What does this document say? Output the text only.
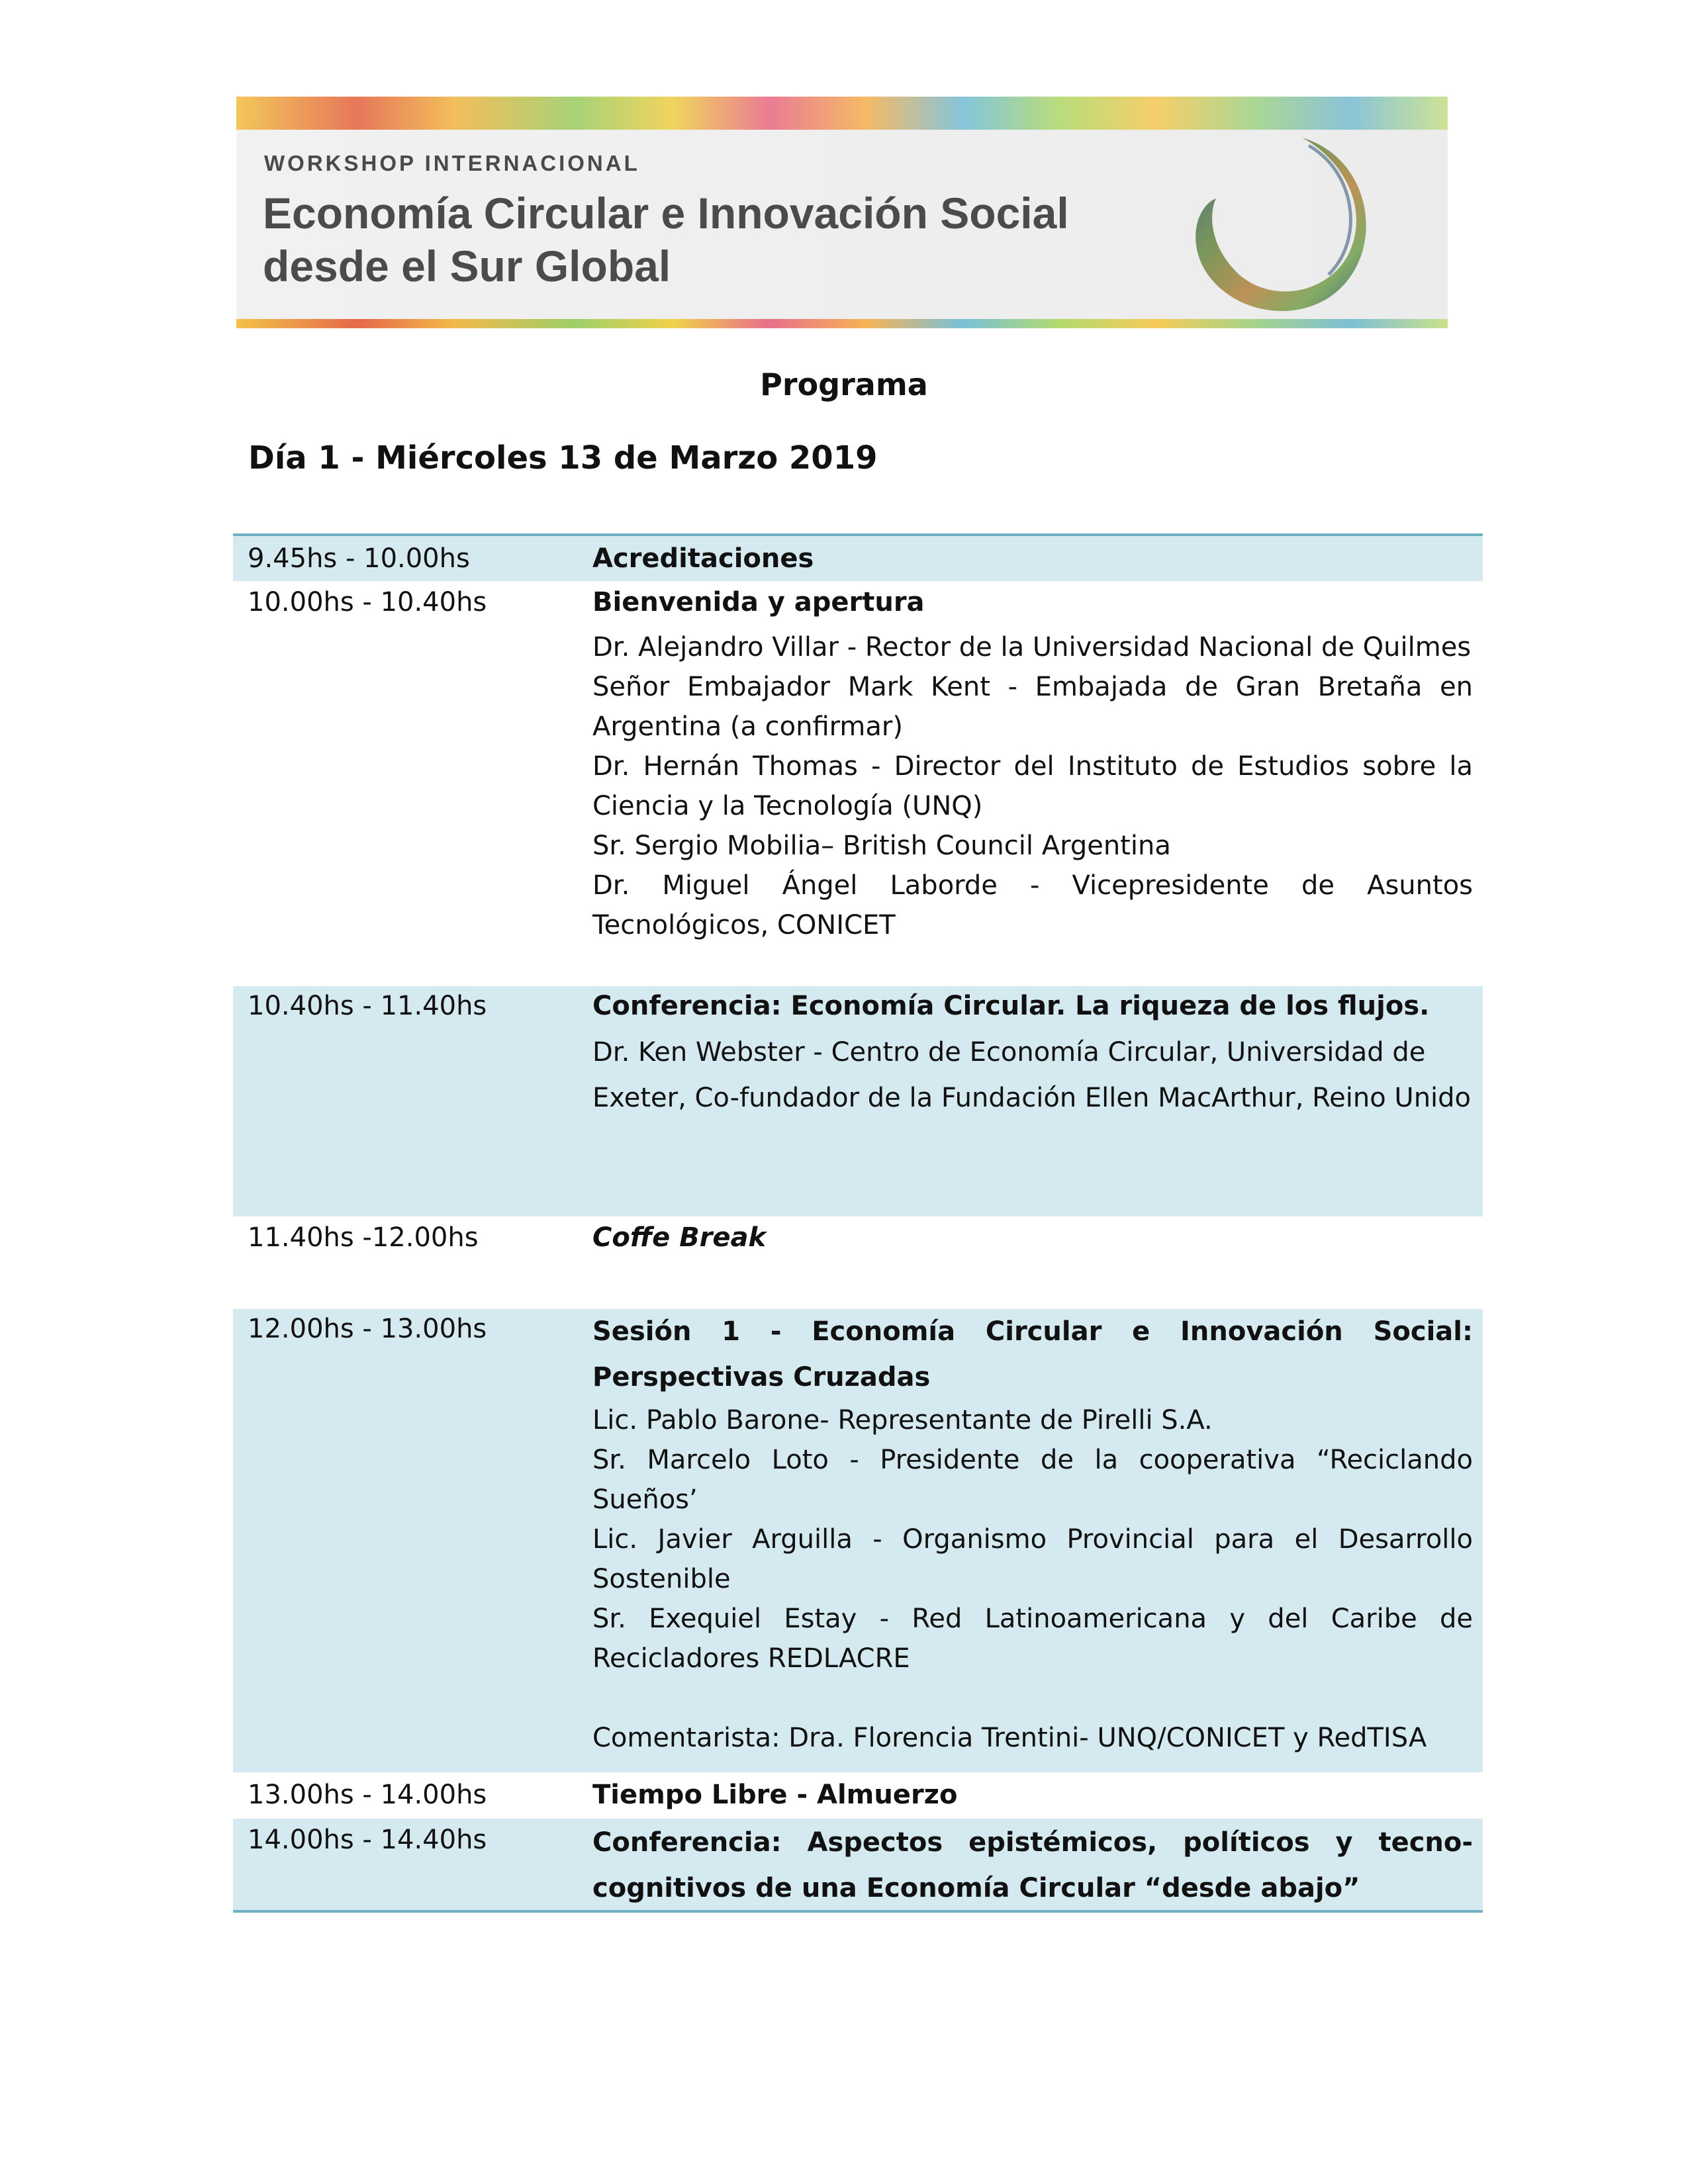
WORKSHOP INTERNACIONAL
Economía Circular e Innovación Social
desde el Sur Global
Programa
Día 1 - Miércoles 13 de Marzo 2019
9.45hs - 10.00hs	Acreditaciones
10.00hs - 10.40hs	Bienvenida y apertura
Dr. Alejandro Villar - Rector de la Universidad Nacional de Quilmes
Señor Embajador Mark Kent - Embajada de Gran Bretaña en Argentina (a confirmar)
Dr. Hernán Thomas - Director del Instituto de Estudios sobre la Ciencia y la Tecnología (UNQ)
Sr. Sergio Mobilia– British Council Argentina
Dr. Miguel Ángel Laborde - Vicepresidente de Asuntos Tecnológicos, CONICET
10.40hs - 11.40hs	Conferencia: Economía Circular. La riqueza de los flujos.
Dr. Ken Webster - Centro de Economía Circular, Universidad de Exeter, Co-fundador de la Fundación Ellen MacArthur, Reino Unido
11.40hs -12.00hs	Coffe Break
12.00hs - 13.00hs	Sesión 1 - Economía Circular e Innovación Social: Perspectivas Cruzadas
Lic. Pablo Barone- Representante de Pirelli S.A.
Sr. Marcelo Loto - Presidente de la cooperativa “Reciclando Sueños’
Lic. Javier Arguilla - Organismo Provincial para el Desarrollo Sostenible
Sr. Exequiel Estay - Red Latinoamericana y del Caribe de Recicladores REDLACRE
Comentarista: Dra. Florencia Trentini- UNQ/CONICET y RedTISA
13.00hs - 14.00hs	Tiempo Libre - Almuerzo
14.00hs - 14.40hs	Conferencia: Aspectos epistémicos, políticos y tecno-cognitivos de una Economía Circular “desde abajo”
